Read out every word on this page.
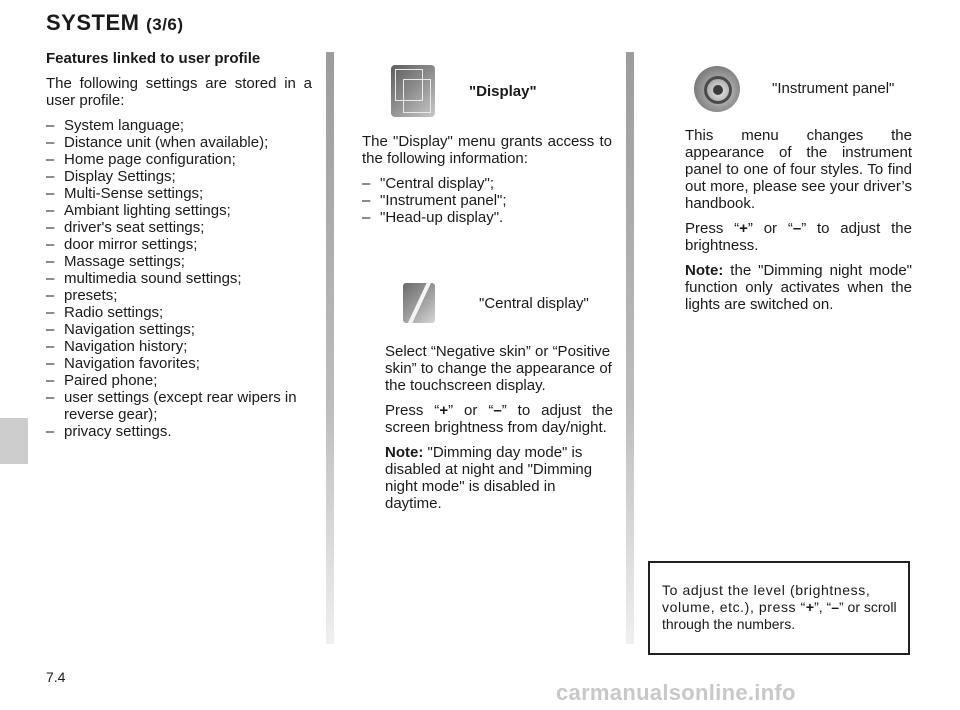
SYSTEM (3/6)

Features linked to user profile

The following settings are stored in a user profile:

– System language;
– Distance unit (when available);
– Home page configuration;
– Display Settings;
– Multi-Sense settings;
– Ambiant lighting settings;
– driver's seat settings;
– door mirror settings;
– Massage settings;
– multimedia sound settings;
– presets;
– Radio settings;
– Navigation settings;
– Navigation history;
– Navigation favorites;
– Paired phone;
– user settings (except rear wipers in reverse gear);
– privacy settings.
"Display"

The "Display" menu grants access to the following information:

– "Central display";
– "Instrument panel";
– "Head-up display".
"Central display"

Select “Negative skin” or “Positive skin” to change the appearance of the touchscreen display.

Press “+” or “–” to adjust the screen brightness from day/night.

Note: "Dimming day mode" is disabled at night and "Dimming night mode" is disabled in daytime.

"Instrument panel"

This menu changes the appearance of the instrument panel to one of four styles. To find out more, please see your driver’s handbook.

Press “+” or “–” to adjust the brightness.

Note: the "Dimming night mode" function only activates when the lights are switched on.

To adjust the level (brightness, volume, etc.), press “+”, “–” or scroll through the numbers.

7.4
carmanualsonline.info
